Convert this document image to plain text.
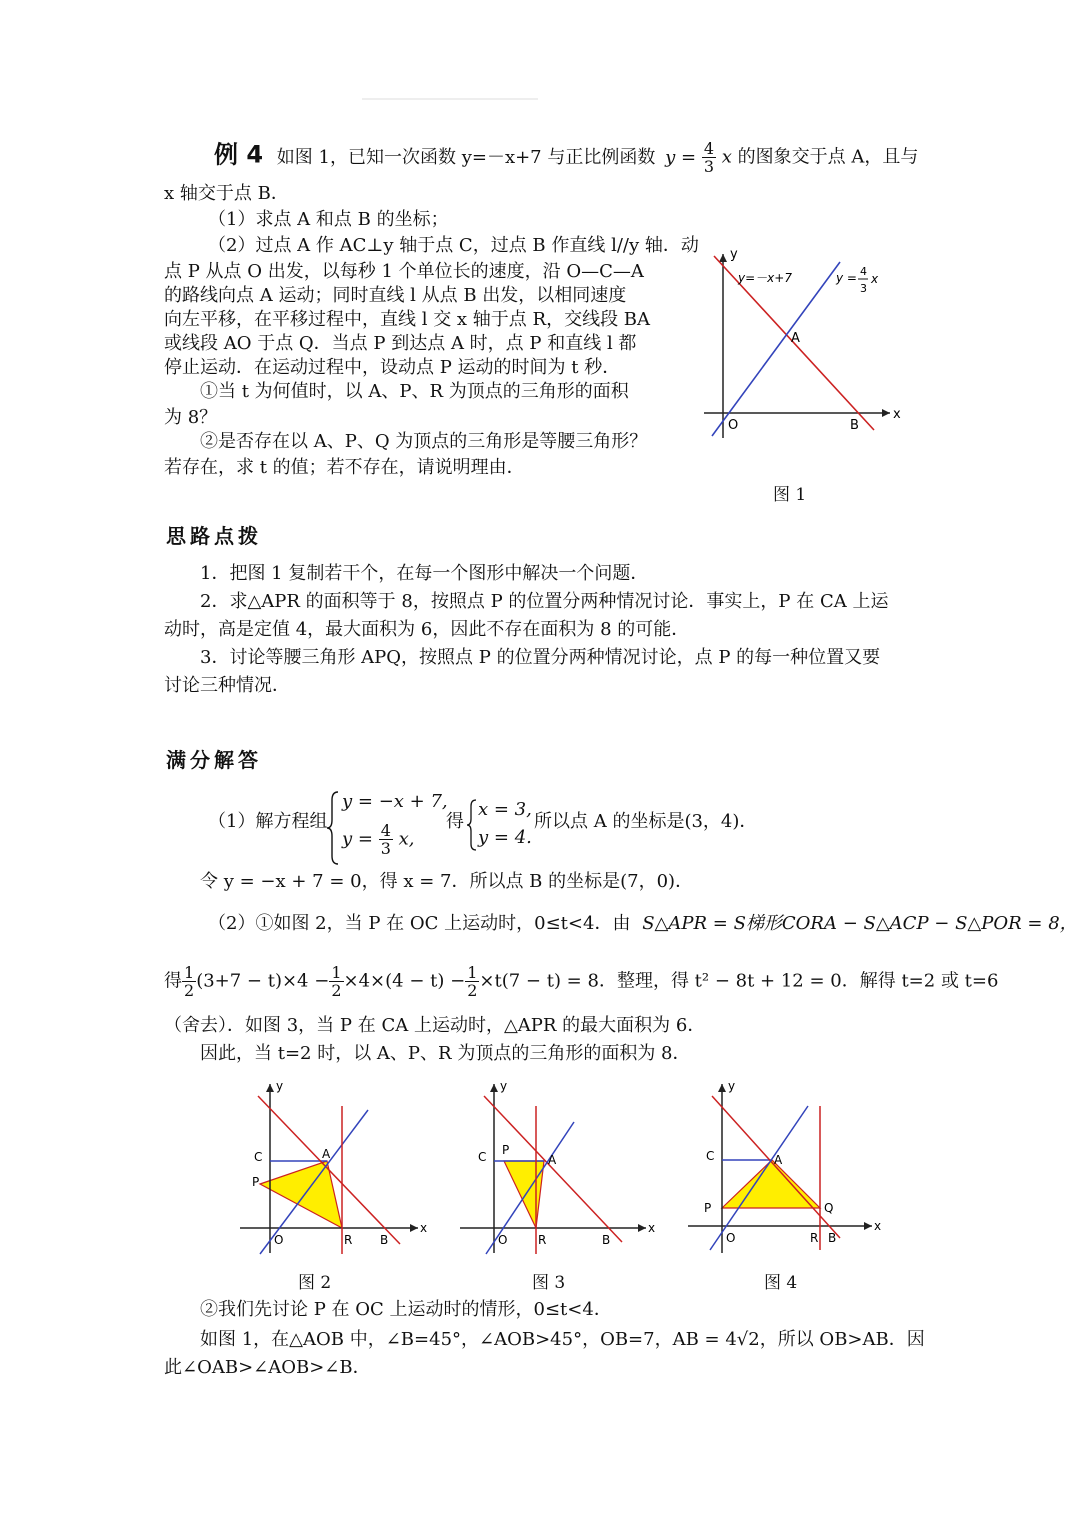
例 4 如图 1，已知一次函数 y=－x+7 与正比例函数 $y = \frac{4}{3}$ x 的图象交于点 A，且与
x 轴交于点 B．
（1）求点 A 和点 B 的坐标；
（2）过点 A 作 AC⊥y 轴于点 C，过点 B 作直线 l//y 轴．动
点 P 从点 O 出发，以每秒 1 个单位长的速度，沿 O—C—A
的路线向点 A 运动；同时直线 l 从点 B 出发，以相同速度
向左平移，在平移过程中，直线 l 交 x 轴于点 R，交线段 BA
或线段 AO 于点 Q．当点 P 到达点 A 时，点 P 和直线 l 都
停止运动．在运动过程中，设动点 P 运动的时间为 t 秒．
①当 t 为何值时，以 A、P、R 为顶点的三角形的面积
为 8？
②是否存在以 A、P、Q 为顶点的三角形是等腰三角形？
若存在，求 t 的值；若不存在，请说明理由．
y
x
y=－x+7	y = 4
3
x
A
O	B
图 1
思路点拨
1．把图 1 复制若干个，在每一个图形中解决一个问题．
2．求△APR 的面积等于 8，按照点 P 的位置分两种情况讨论．事实上，P 在 CA 上运
动时，高是定值 4，最大面积为 6，因此不存在面积为 8 的可能．
3．讨论等腰三角形 APQ，按照点 P 的位置分两种情况讨论，点 P 的每一种位置又要
讨论三种情况．
满分解答
（1）解方程组
y = −x + 7,
$y = \frac{4}{3} x$,
得
x = 3,
y = 4.
所以点 A 的坐标是(3，4)．
令 y = −x + 7 = 0，得 x = 7．所以点 B 的坐标是(7，0)．
（2）①如图 2，当 P 在 OC 上运动时，0≤t<4．由 S△APR = S梯形CORA − S△ACP − S△POR = 8，
得 $\frac{1}{2} (3+7 - t)\times 4 - \frac{1}{2} \times 4\times(4 - t) - \frac{1}{2} \times t(7 - t) = 8$．整理，得 t² − 8t + 12 = 0．解得 t=2 或 t=6
（舍去）．如图 3，当 P 在 CA 上运动时，△APR 的最大面积为 6．
因此，当 t=2 时，以 A、P、R 为顶点的三角形的面积为 8．
y
x
C
P
A
O	R B
图 2
y
x
C P
A
O	R	B
图 3
y
x
C
P
A
Q
O	R B
图 4
②我们先讨论 P 在 OC 上运动时的情形，0≤t<4．
如图 1，在△AOB 中，∠B=45°，∠AOB>45°，OB=7，AB = 4√2，所以 OB>AB．因
此∠OAB>∠AOB>∠B．
